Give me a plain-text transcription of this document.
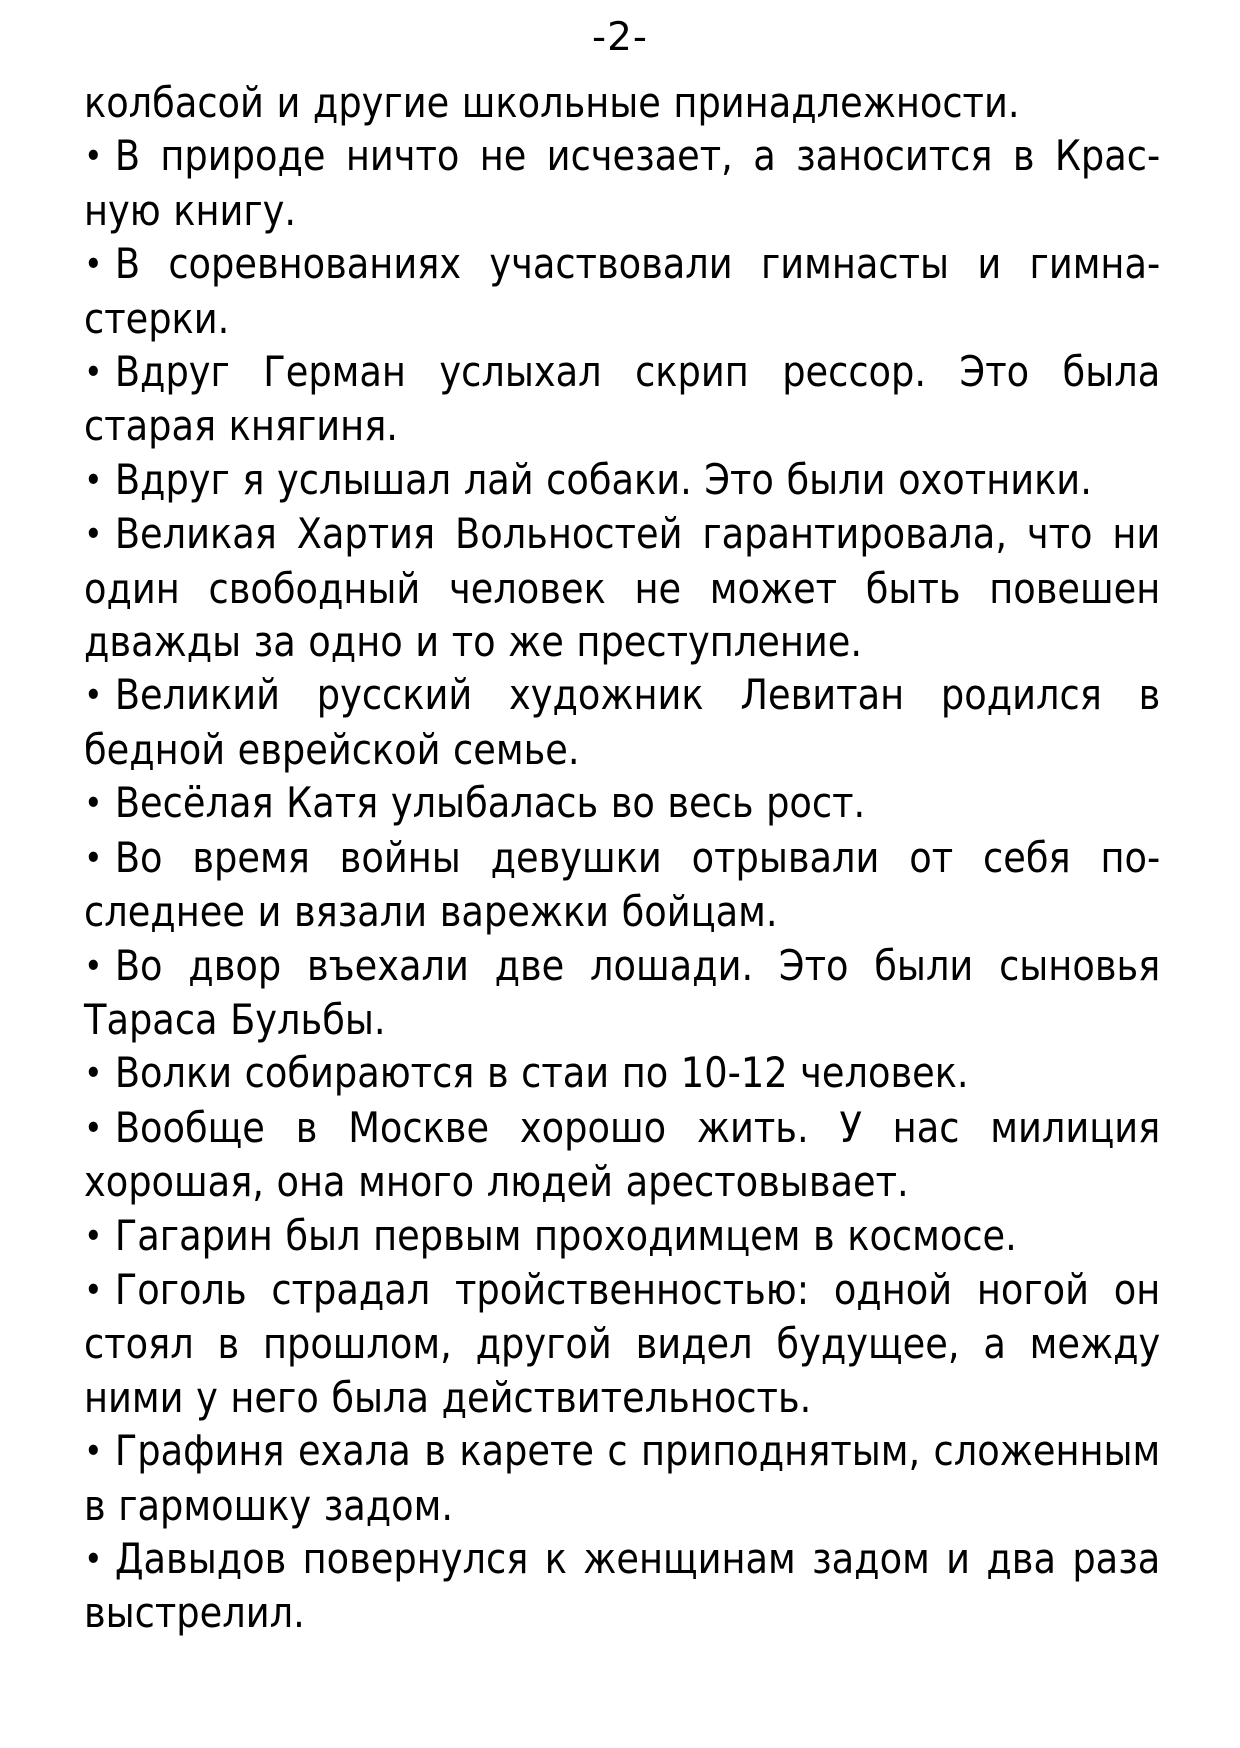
-2-

колбасой и другие школьные принадлежности.

• В природе ничто не исчезает, а заносится в Красную книгу.

• В соревнованиях участвовали гимнасты и гимнастерки.

• Вдруг Герман услыхал скрип рессор. Это была старая княгиня.

• Вдруг я услышал лай собаки. Это были охотники.

• Великая Хартия Вольностей гарантировала, что ни один свободный человек не может быть повешен дважды за одно и то же преступление.

• Великий русский художник Левитан родился в бедной еврейской семье.

• Весёлая Катя улыбалась во весь рост.

• Во время войны девушки отрывали от себя последнее и вязали варежки бойцам.

• Во двор въехали две лошади. Это были сыновья Тараса Бульбы.

• Волки собираются в стаи по 10-12 человек.

• Вообще в Москве хорошо жить. У нас милиция хорошая, она много людей арестовывает.

• Гагарин был первым проходимцем в космосе.

• Гоголь страдал тройственностью: одной ногой он стоял в прошлом, другой видел будущее, а между ними у него была действительность.

• Графиня ехала в карете с приподнятым, сложенным в гармошку задом.

• Давыдов повернулся к женщинам задом и два раза выстрелил.
